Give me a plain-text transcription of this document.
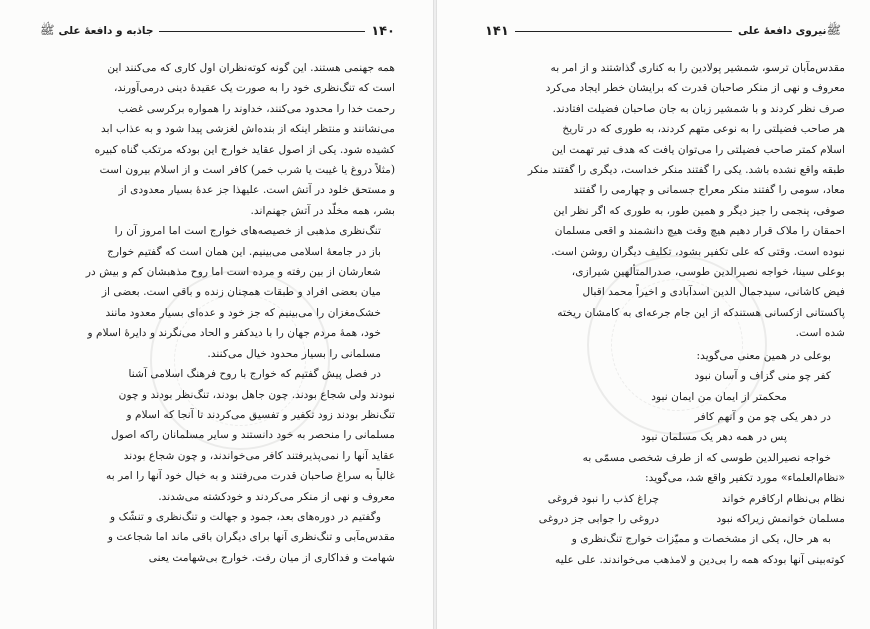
١۴٠
جاذبه و دافعهٔ علی
ﷺ
همه جهنمی هستند. این گونه کوته‌نظران اول کاری که می‌کنند این
است که تنگ‌نظری خود را به صورت یک عقیدهٔ دینی درمی‌آورند،
رحمت خدا را محدود می‌کنند، خداوند را همواره برکرسی غضب
می‌نشانند و منتظر اینکه از بنده‌اش لغزشی پیدا شود و به عذاب ابد
کشیده شود. یکی از اصول عقاید خوارج این بودکه مرتکب گناه کبیره
(مثلاً دروغ یا غیبت یا شرب خمر) کافر است و از اسلام بیرون است
و مستحق خلود در آتش است. علیهذا جز عدهٔ بسیار معدودی از
بشر، همه مخلّد در آتش جهنم‌اند.
تنگ‌نظری مذهبی از خصیصه‌های خوارج است اما امروز آن را
باز در جامعهٔ اسلامی می‌بینیم. این همان است که گفتیم خوارج
شعارشان از بین رفته و مرده است اما روح مذهبشان کم و بیش در
میان بعضی افراد و طبقات همچنان زنده و باقی است. بعضی از
خشک‌مغزان را می‌بینیم که جز خود و عده‌ای بسیار معدود مانند
خود، همهٔ مردم جهان را با دیدکفر و الحاد می‌نگرند و دایرهٔ اسلام و
مسلمانی را بسیار محدود خیال می‌کنند.
در فصل پیش گفتیم که خوارج با روح فرهنگ اسلامی آشنا
نبودند ولی شجاع بودند. چون جاهل بودند، تنگ‌نظر بودند و چون
تنگ‌نظر بودند زود تکفیر و تفسیق می‌کردند تا آنجا که اسلام و
مسلمانی را منحصر به خود دانستند و سایر مسلمانان راکه اصول
عقاید آنها را نمی‌پذیرفتند کافر می‌خواندند، و چون شجاع بودند
غالباً به سراغ صاحبان قدرت می‌رفتند و به خیال خود آنها را امر به
معروف و نهی از منکر می‌کردند و خودکشته می‌شدند.
وگفتیم در دوره‌های بعد، جمود و جهالت و تنگ‌نظری و تنشّک و
مقدس‌مآبی و تنگ‌نظری آنها برای دیگران باقی ماند اما شجاعت و
شهامت و فداکاری از میان رفت. خوارج بی‌شهامت یعنی
ﷺ
نیروی دافعهٔ علی
١۴١
مقدس‌مآبان ترسو، شمشیر پولادین را به کناری گذاشتند و از امر به
معروف و نهی از منکر صاحبان قدرت که برایشان خطر ایجاد می‌کرد
صرف نظر کردند و با شمشیر زبان به جان صاحبان فضیلت افتادند.
هر صاحب فضیلتی را به نوعی متهم کردند، به طوری که در تاریخ
اسلام کمتر صاحب فضیلتی را می‌توان یافت که هدف تیر تهمت این
طبقه واقع نشده باشد. یکی را گفتند منکر خداست، دیگری را گفتند منکر
معاد، سومی را گفتند منکر معراج جسمانی و چهارمی را گفتند
صوفی، پنجمی را جیز دیگر و همین طور، به طوری که اگر نظر این
احمقان را ملاک قرار دهیم هیچ وقت هیچ دانشمند و اقعی مسلمان
نبوده است. وقتی که علی تکفیر بشود، تکلیف دیگران روشن است.
بوعلی سینا، خواجه نصیرالدین طوسی، صدرالمتألهین شیرازی،
فیض کاشانی، سیدجمال الدین اسدآبادی و اخیراً محمد اقبال
پاکستانی ازکسانی هستندکه از این جام جرعه‌ای به کامشان ریخته
شده است.
بوعلی در همین معنی می‌گوید:
کفر چو منی گزاف و آسان نبود
محکمتر از ایمان من ایمان نبود
در دهر یکی چو من و آنهم کافر
پس در همه دهر یک مسلمان نبود
خواجه نصیرالدین طوسی که از طرف شخصی مسمّی به
«نظام‌العلماء» مورد تکفیر واقع شد، می‌گوید:
نظام بی‌نظام ارکافرم خواند	چراغ کذب را نبود فروغی
مسلمان خوانمش زیراکه نبود	دروغی را جوابی جز دروغی
به هر حال، یکی از مشخصات و ممیّزات خوارج تنگ‌نظری و
کوته‌بینی آنها بودکه همه را بی‌دین و لامذهب می‌خواندند. علی علیه
